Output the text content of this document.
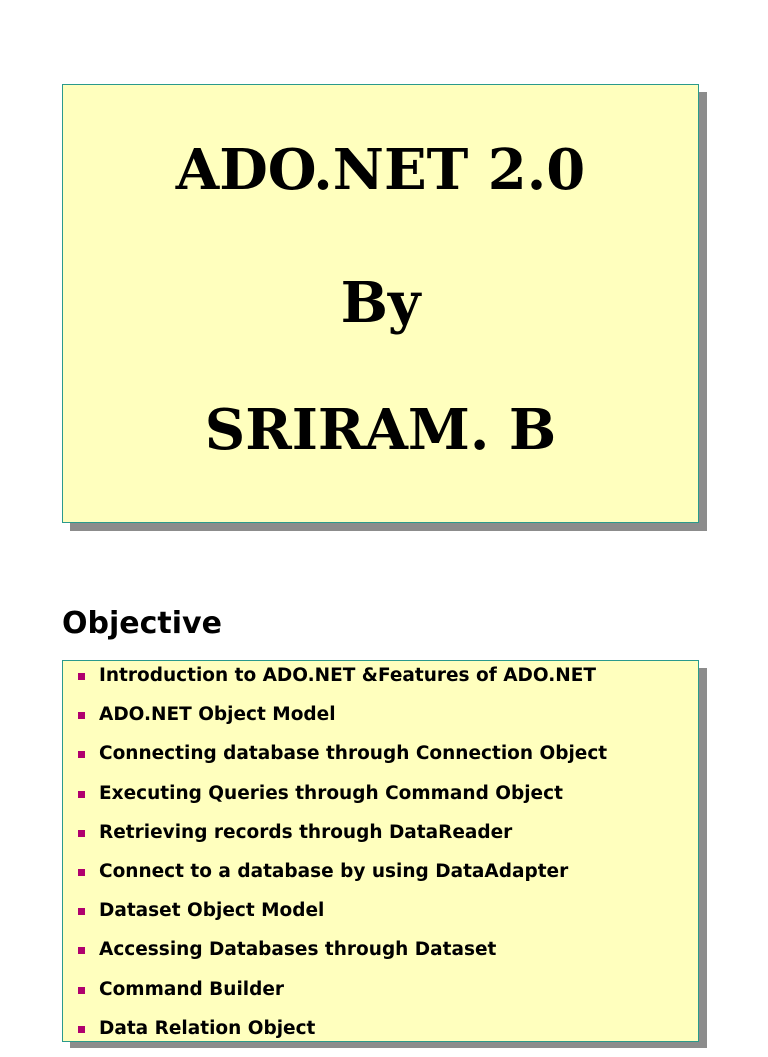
ADO.NET 2.0
By
SRIRAM. B
Objective
Introduction to ADO.NET &Features of ADO.NET
ADO.NET Object Model
Connecting database through Connection Object
Executing Queries through Command Object
Retrieving records through DataReader
Connect to a database by using DataAdapter
Dataset Object Model
Accessing Databases through Dataset
Command Builder
Data Relation Object
